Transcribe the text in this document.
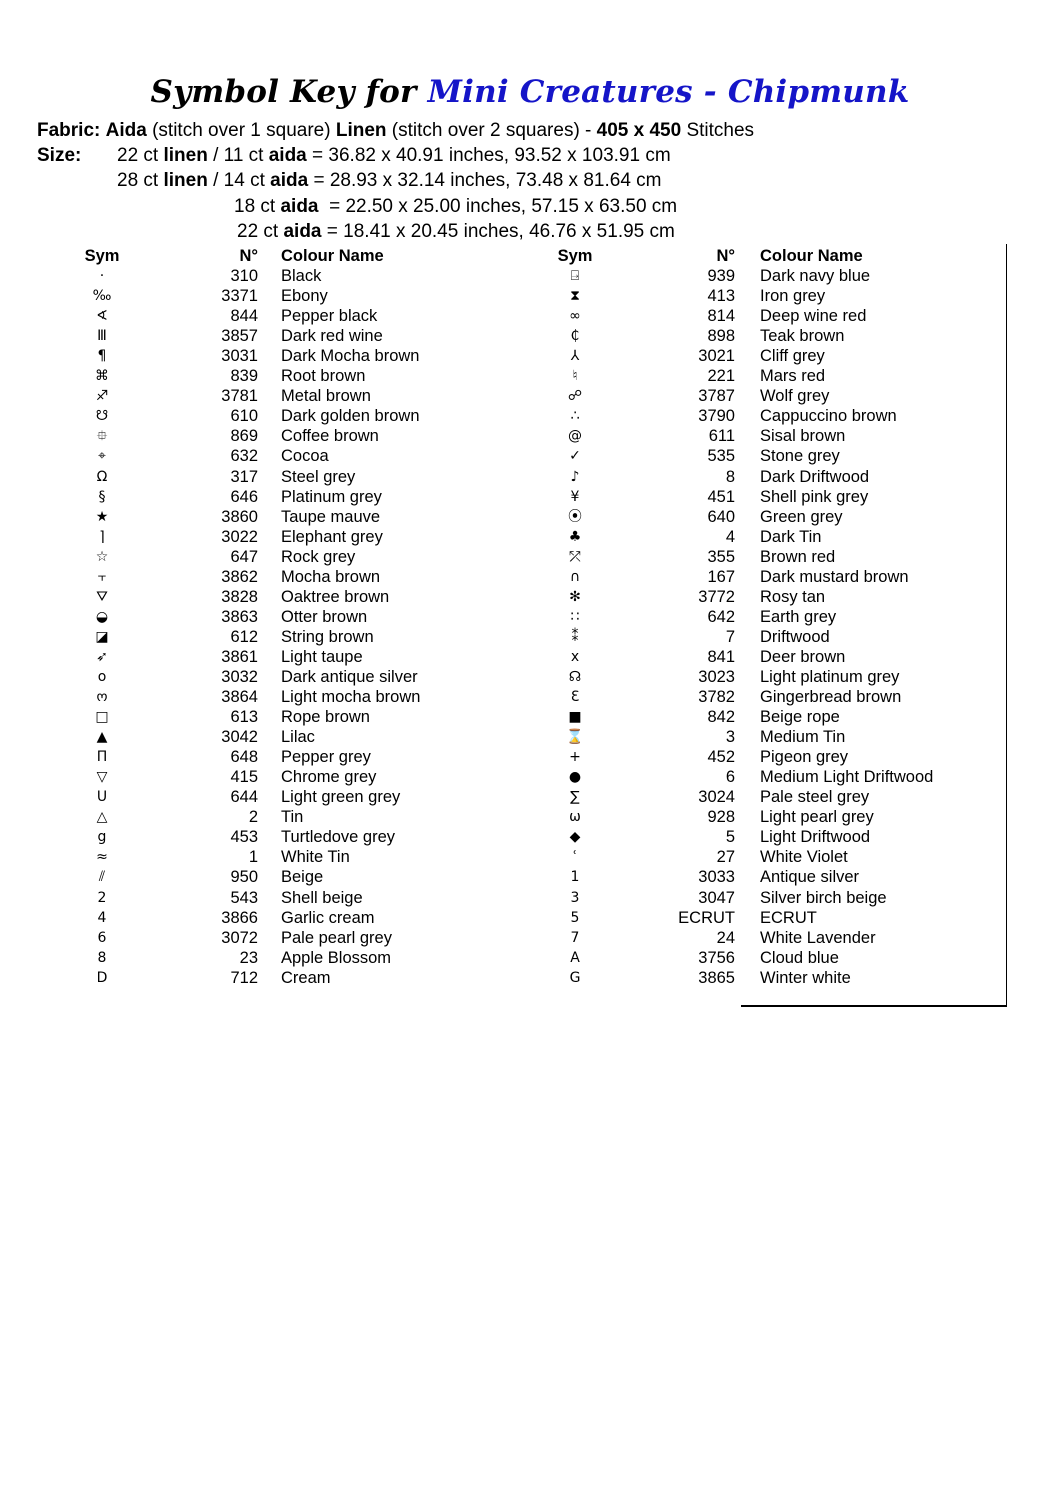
Symbol Key for Mini Creatures - Chipmunk
Fabric: Aida (stitch over 1 square) Linen (stitch over 2 squares) - 405 x 450 Stitches
Size: 22 ct linen / 11 ct aida = 36.82 x 40.91 inches, 93.52 x 103.91 cm
28 ct linen / 14 ct aida = 28.93 x 32.14 inches, 73.48 x 81.64 cm
18 ct aida  = 22.50 x 25.00 inches, 57.15 x 63.50 cm
22 ct aida = 18.41 x 20.45 inches, 46.76 x 51.95 cm
Sym	N° Colour Name
·	310 Black
‰	3371 Ebony
∢	844 Pepper black
Ⅲ	3857 Dark red wine
¶	3031 Dark Mocha brown
⌘	839 Root brown
♐	3781 Metal brown
☋	610 Dark golden brown
⯐	869 Coffee brown
⌖	632 Cocoa
Ω	317 Steel grey
§	646 Platinum grey
★	3860 Taupe mauve
⌉	3022 Elephant grey
☆	647 Rock grey
⫟	3862 Mocha brown
⛛	3828 Oaktree brown
◒	3863 Otter brown
◪	612 String brown
➶	3861 Light taupe
o	3032 Dark antique silver
ო	3864 Light mocha brown
□	613 Rope brown
▲	3042 Lilac
Π	648 Pepper grey
▽	415 Chrome grey
ᑌ	644 Light green grey
△	2 Tin
g	453 Turtledove grey
≈	1 White Tin
⫽	950 Beige
2	543 Shell beige
4	3866 Garlic cream
6	3072 Pale pearl grey
8	23 Apple Blossom
D	712 Cream
Sym	N° Colour Name
⍈	939 Dark navy blue
⧗	413 Iron grey
∞	814 Deep wine red
₵	898 Teak brown
⅄	3021 Cliff grey
♮	221 Mars red
☍	3787 Wolf grey
∴	3790 Cappuccino brown
@	611 Sisal brown
✓	535 Stone grey
♪	8 Dark Driftwood
¥	451 Shell pink grey
⦿	640 Green grey
♣	4 Dark Tin
⤱	355 Brown red
∩	167 Dark mustard brown
✻	3772 Rosy tan
∷	642 Earth grey
⁑	7 Driftwood
x	841 Deer brown
☊	3023 Light platinum grey
Ɛ	3782 Gingerbread brown
■	842 Beige rope
⌛	3 Medium Tin
+	452 Pigeon grey
●	6 Medium Light Driftwood
∑	3024 Pale steel grey
ω	928 Light pearl grey
◆	5 Light Driftwood
ʿ	27 White Violet
1	3033 Antique silver
3	3047 Silver birch beige
5	ECRUT ECRUT
7	24 White Lavender
A	3756 Cloud blue
G	3865 Winter white
